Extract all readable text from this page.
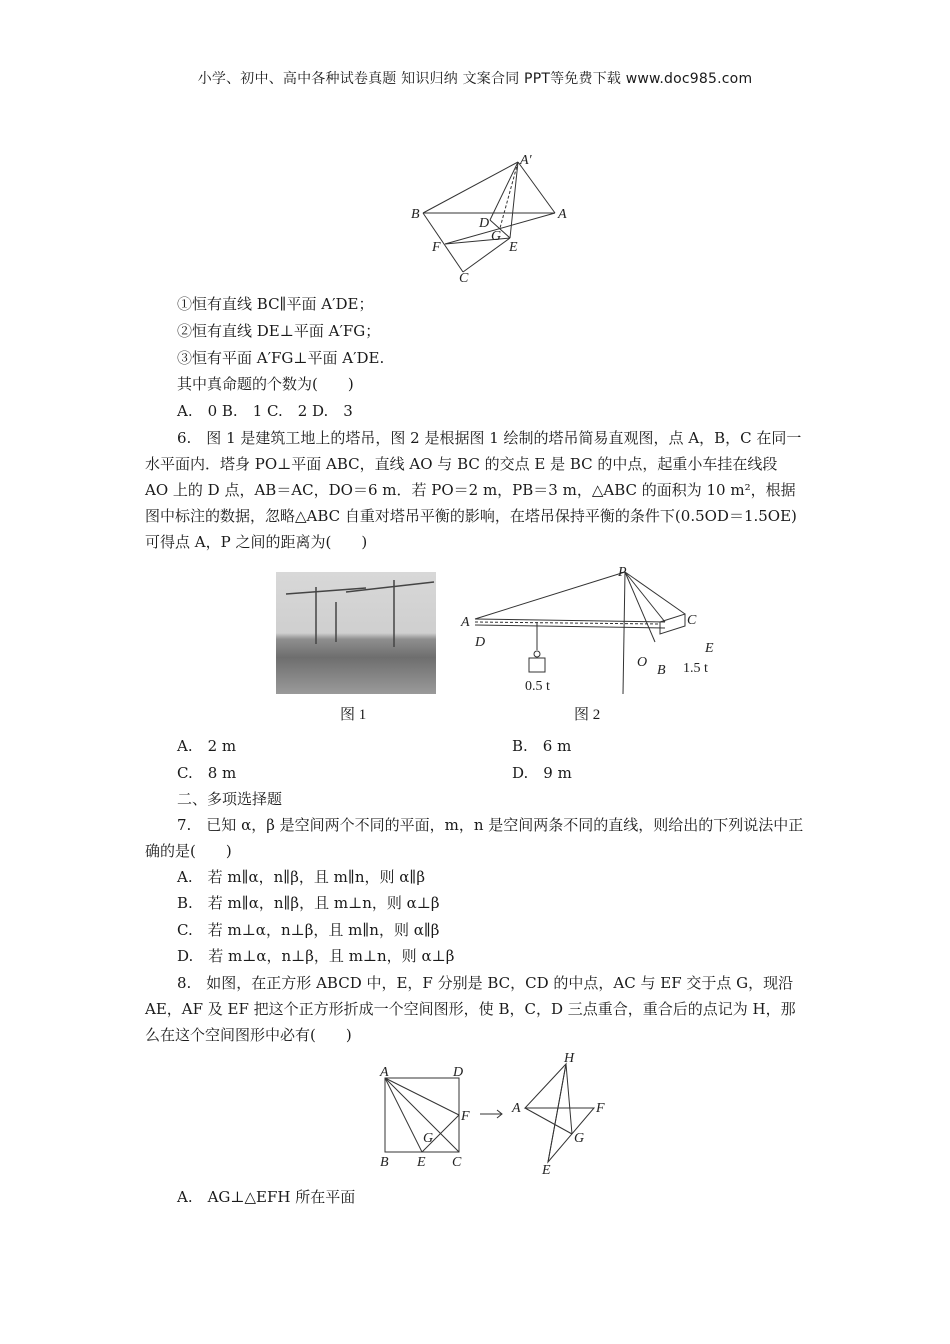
小学、初中、高中各种试卷真题 知识归纳 文案合同 PPT等免费下载 www.doc985.com
A′
B
D
A
G
F	E
C
①恒有直线 BC∥平面 A′DE；
②恒有直线 DE⊥平面 A′FG；
③恒有平面 A′FG⊥平面 A′DE.
其中真命题的个数为(　　)
A.　0 B.　1 C.　2 D.　3
6.　图 1 是建筑工地上的塔吊，图 2 是根据图 1 绘制的塔吊简易直观图，点 A，B，C 在同一水平面内．塔身 PO⊥平面 ABC，直线 AO 与 BC 的交点 E 是 BC 的中点，起重小车挂在线段 AO 上的 D 点，AB＝AC，DO＝6 m．若 PO＝2 m，PB＝3 m，△ABC 的面积为 10 m²，根据图中标注的数据，忽略△ABC 自重对塔吊平衡的影响，在塔吊保持平衡的条件下(0.5OD＝1.5OE)可得点 A，P 之间的距离为(　　)
图 1
P
A
D
C
E
O
B
0.5 t
1.5 t
图 2
A.　2 m	B.　6 m
C.　8 m	D.　9 m
二、多项选择题
7.　已知 α，β 是空间两个不同的平面，m，n 是空间两条不同的直线，则给出的下列说法中正确的是(　　)
A.　若 m∥α，n∥β，且 m∥n，则 α∥β
B.　若 m∥α，n∥β，且 m⊥n，则 α⊥β
C.　若 m⊥α，n⊥β，且 m∥n，则 α∥β
D.　若 m⊥α，n⊥β，且 m⊥n，则 α⊥β
8.　如图，在正方形 ABCD 中，E，F 分别是 BC，CD 的中点，AC 与 EF 交于点 G，现沿 AE，AF 及 EF 把这个正方形折成一个空间图形，使 B，C，D 三点重合，重合后的点记为 H，那么在这个空间图形中必有(　　)
A	D
F
G
B E C
H
A	F
G
E
A.　AG⊥△EFH 所在平面
